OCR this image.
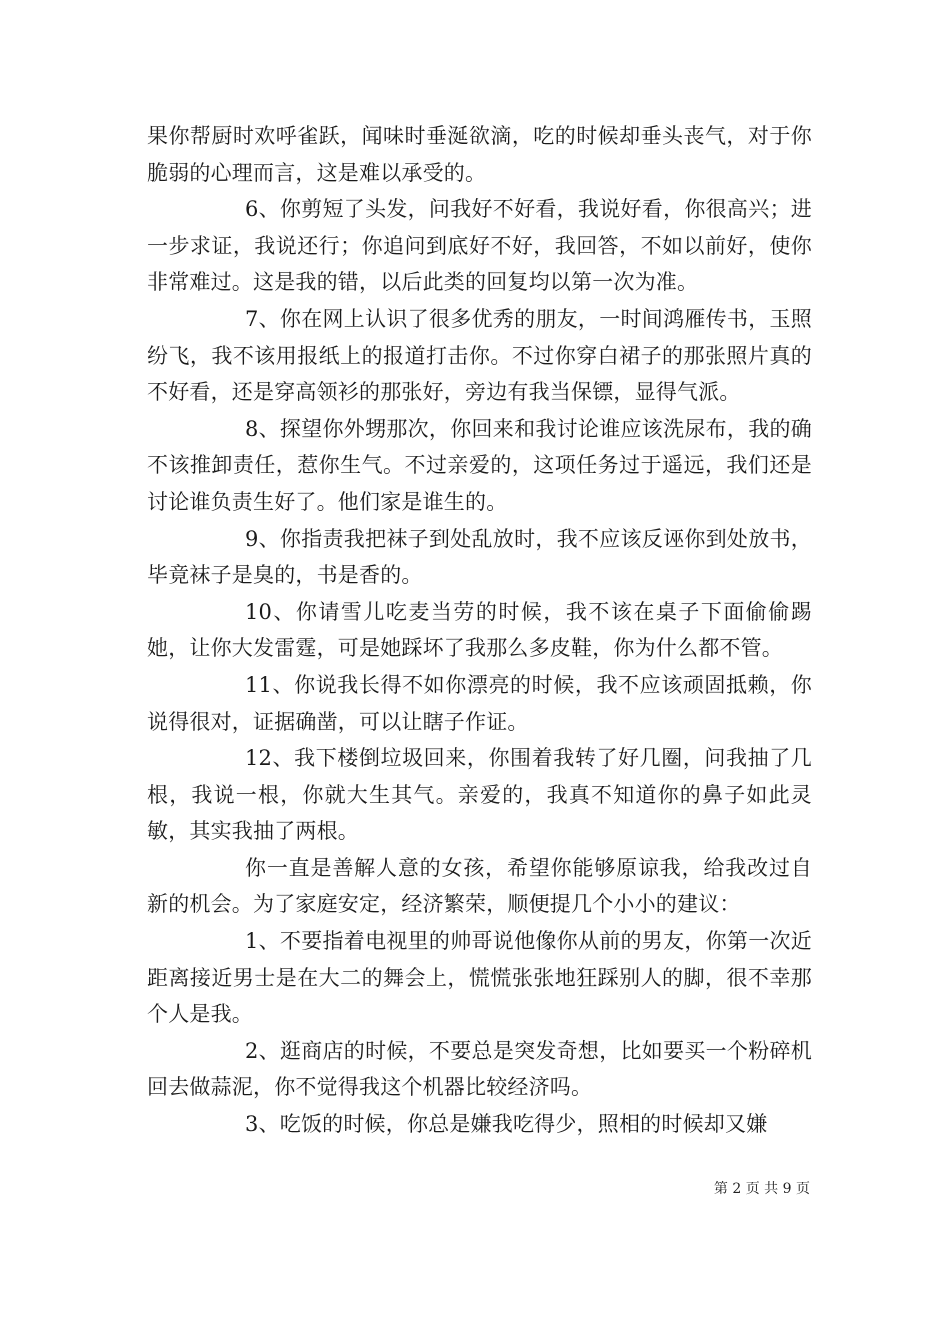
果你帮厨时欢呼雀跃，闻味时垂涎欲滴，吃的时候却垂头丧气，对于你脆弱的心理而言，这是难以承受的。

6、你剪短了头发，问我好不好看，我说好看，你很高兴；进一步求证，我说还行；你追问到底好不好，我回答，不如以前好，使你非常难过。这是我的错，以后此类的回复均以第一次为准。

7、你在网上认识了很多优秀的朋友，一时间鸿雁传书，玉照纷飞，我不该用报纸上的报道打击你。不过你穿白裙子的那张照片真的不好看，还是穿高领衫的那张好，旁边有我当保镖，显得气派。

8、探望你外甥那次，你回来和我讨论谁应该洗尿布，我的确不该推卸责任，惹你生气。不过亲爱的，这项任务过于遥远，我们还是讨论谁负责生好了。他们家是谁生的。

9、你指责我把袜子到处乱放时，我不应该反诬你到处放书，毕竟袜子是臭的，书是香的。

10、你请雪儿吃麦当劳的时候，我不该在桌子下面偷偷踢她，让你大发雷霆，可是她踩坏了我那么多皮鞋，你为什么都不管。

11、你说我长得不如你漂亮的时候，我不应该顽固抵赖，你说得很对，证据确凿，可以让瞎子作证。

12、我下楼倒垃圾回来，你围着我转了好几圈，问我抽了几根，我说一根，你就大生其气。亲爱的，我真不知道你的鼻子如此灵敏，其实我抽了两根。

你一直是善解人意的女孩，希望你能够原谅我，给我改过自新的机会。为了家庭安定，经济繁荣，顺便提几个小小的建议：

1、不要指着电视里的帅哥说他像你从前的男友，你第一次近距离接近男士是在大二的舞会上，慌慌张张地狂踩别人的脚，很不幸那个人是我。

2、逛商店的时候，不要总是突发奇想，比如要买一个粉碎机回去做蒜泥，你不觉得我这个机器比较经济吗。

3、吃饭的时候，你总是嫌我吃得少，照相的时候却又嫌

第 2 页 共 9 页
